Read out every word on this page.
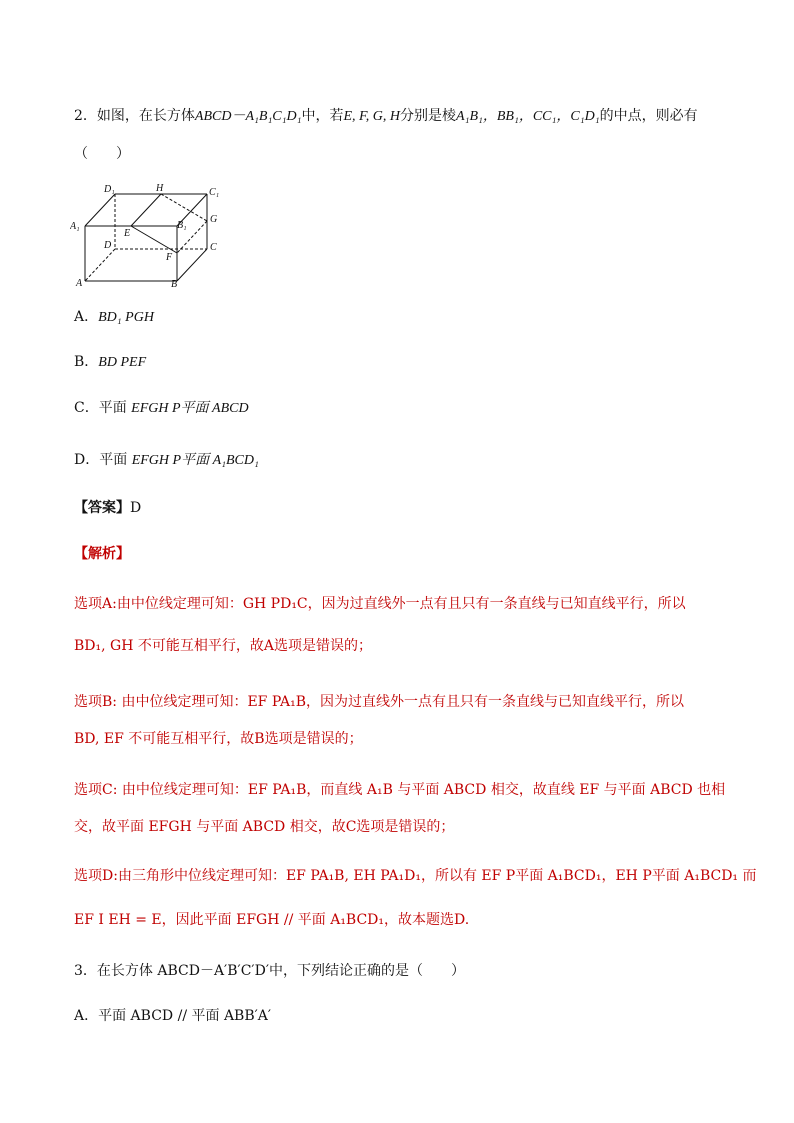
2．如图，在长方体ABCD－A₁B₁C₁D₁中，若E, F, G, H分别是棱A₁B₁，BB₁，CC₁，C₁D₁的中点，则必有
（　　）
D₁	H	C₁
A₁
E
B₁
G
D	C
F
A	B
A．BD₁ PGH
B．BD PEF
C．平面 EFGH P平面 ABCD
D．平面 EFGH P平面 A₁BCD₁
【答案】D
【解析】
选项A:由中位线定理可知：GH PD₁C，因为过直线外一点有且只有一条直线与已知直线平行，所以
BD₁, GH 不可能互相平行，故A选项是错误的；
选项B: 由中位线定理可知：EF PA₁B，因为过直线外一点有且只有一条直线与已知直线平行，所以
BD, EF 不可能互相平行，故B选项是错误的；
选项C: 由中位线定理可知：EF PA₁B，而直线 A₁B 与平面 ABCD 相交，故直线 EF 与平面 ABCD 也相
交，故平面 EFGH 与平面 ABCD 相交，故C选项是错误的；
选项D:由三角形中位线定理可知：EF PA₁B, EH PA₁D₁，所以有 EF P平面 A₁BCD₁，EH P平面 A₁BCD₁ 而
EF I EH = E，因此平面 EFGH // 平面 A₁BCD₁，故本题选D.
3．在长方体 ABCD－A′B′C′D′中，下列结论正确的是（　　）
A．平面 ABCD // 平面 ABB′A′
